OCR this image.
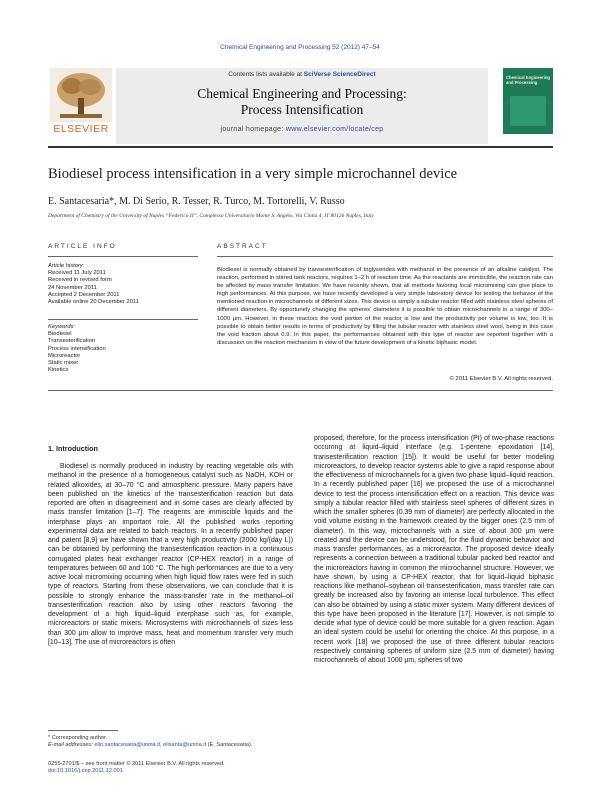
Chemical Engineering and Processing 52 (2012) 47–54
Contents lists available at SciVerse ScienceDirect
Chemical Engineering and Processing:
Process Intensification
journal homepage: www.elsevier.com/locate/cep
ELSEVIER
Chemical Engineering and Processing
Biodiesel process intensification in a very simple microchannel device
E. Santacesaria*, M. Di Serio, R. Tesser, R. Turco, M. Tortorelli, V. Russo
Department of Chemistry of the University of Naples “Federico II”, Complesso Universitario Monte S. Angelo, Via Cintia 4, IT 80126 Naples, Italy
ARTICLE INFO
Article history:
Received 11 July 2011
Received in revised form
24 November 2011
Accepted 2 December 2011
Available online 20 December 2011
Keywords:
Biodiesel
Transesterification
Process intensification
Microreactor
Static mixer
Kinetics
ABSTRACT
Biodiesel is normally obtained by transesterification of triglycerides with methanol in the presence of an alkaline catalyst. The reaction, performed in stirred tank reactors, requires 1–2 h of reaction time. As the reactants are immiscible, the reaction rate can be affected by mass transfer limitation. We have recently shown, that all methods favoring local micromixing can give place to high performances. At this purpose, we have recently developed a very simple laboratory device for testing the behavior of the mentioned reaction in microchannels of different sizes. This device is simply a tubular reactor filled with stainless steel spheres of different diameters. By opportunely changing the spheres’ diameters it is possible to obtain microchannels in a range of 300–1000 μm. However, in these reactors the void portion of the reactor is low and the productivity per volume is low, too. It is possible to obtain better results in terms of productivity by filling the tubular reactor with stainless steel wool, being in this case the void fraction about 0.9. In this paper, the performances obtained with this type of reactor are reported together with a discussion on the reaction mechanism in view of the future development of a kinetic biphasic model.
© 2011 Elsevier B.V. All rights reserved.
1. Introduction

Biodiesel is normally produced in industry by reacting vegetable oils with methanol in the presence of a homogeneous catalyst such as NaOH, KOH or related alkoxides, at 30–70 °C and atmospheric pressure. Many papers have been published on the kinetics of the transesterification reaction but data reported are often in disagreement and in some cases are clearly affected by mass transfer limitation [1–7]. The reagents are immiscible liquids and the interphase plays an important role. All the published works reporting experimental data are related to batch reactors. In a recently published paper and patent [8,9] we have shown that a very high productivity (2000 kg/(day L)) can be obtained by performing the transesterification reaction in a continuous corrugated plates heat exchanger reactor (CP-HEX reactor) in a range of temperatures between 60 and 100 °C. The high performances are due to a very active local micromixing occurring when high liquid flow rates were fed in such type of reactors. Starting from these observations, we can conclude that it is possible to strongly enhance the mass-transfer rate in the methanol–oil transesterification reaction also by using other reactors favoring the development of a high liquid–liquid interphase such as, for example, microreactors or static mixers. Microsystems with microchannels of sizes less than 300 μm allow to improve mass, heat and momentum transfer very much [10–13]. The use of microreactors is often

proposed, therefore, for the process intensification (PI) of two-phase reactions occurring at liquid–liquid interface (e.g. 1-pentene epoxidation [14], transesterification reaction [15]). It would be useful for better modeling microreactors, to develop reactor systems able to give a rapid response about the effectiveness of microchannels for a given two phase liquid–liquid reaction. In a recently published paper [16] we proposed the use of a microchannel device to test the process intensification effect on a reaction. This device was simply a tubular reactor filled with stainless steel spheres of different sizes in which the smaller spheres (0.39 mm of diameter) are perfectly allocated in the void volume existing in the framework created by the bigger ones (2.5 mm of diameter). In this way, microchannels with a size of about 300 μm were created and the device can be understood, for the fluid dynamic behavior and mass transfer performances, as a microreactor. The proposed device ideally represents a connection between a traditional tubular packed bed reactor and the microreactors having in common the microchannel structure. However, we have shown, by using a CP-HEX reactor, that for liquid–liquid biphasic reactions like methanol–soybean oil transesterification, mass transfer rate can greatly be increased also by favoring an intense local turbulence. This effect can also be obtained by using a static mixer system. Many different devices of this type have been proposed in the literature [17]. However, is not simple to decide what type of device could be more suitable for a given reaction. Again an ideal system could be useful for orienting the choice. At this purpose, in a recent work [18] we proposed the use of three different tubular reactors respectively containing spheres of uniform size (2.5 mm of diameter) having microchannels of about 1000 μm, spheres of two

* Corresponding author.
E-mail addresses: elio.santacesaria@unina.it, elisanta@unina.it (E. Santacesaria).
0255-2701/$ – see front matter © 2011 Elsevier B.V. All rights reserved.
doi:10.1016/j.cep.2011.12.001
